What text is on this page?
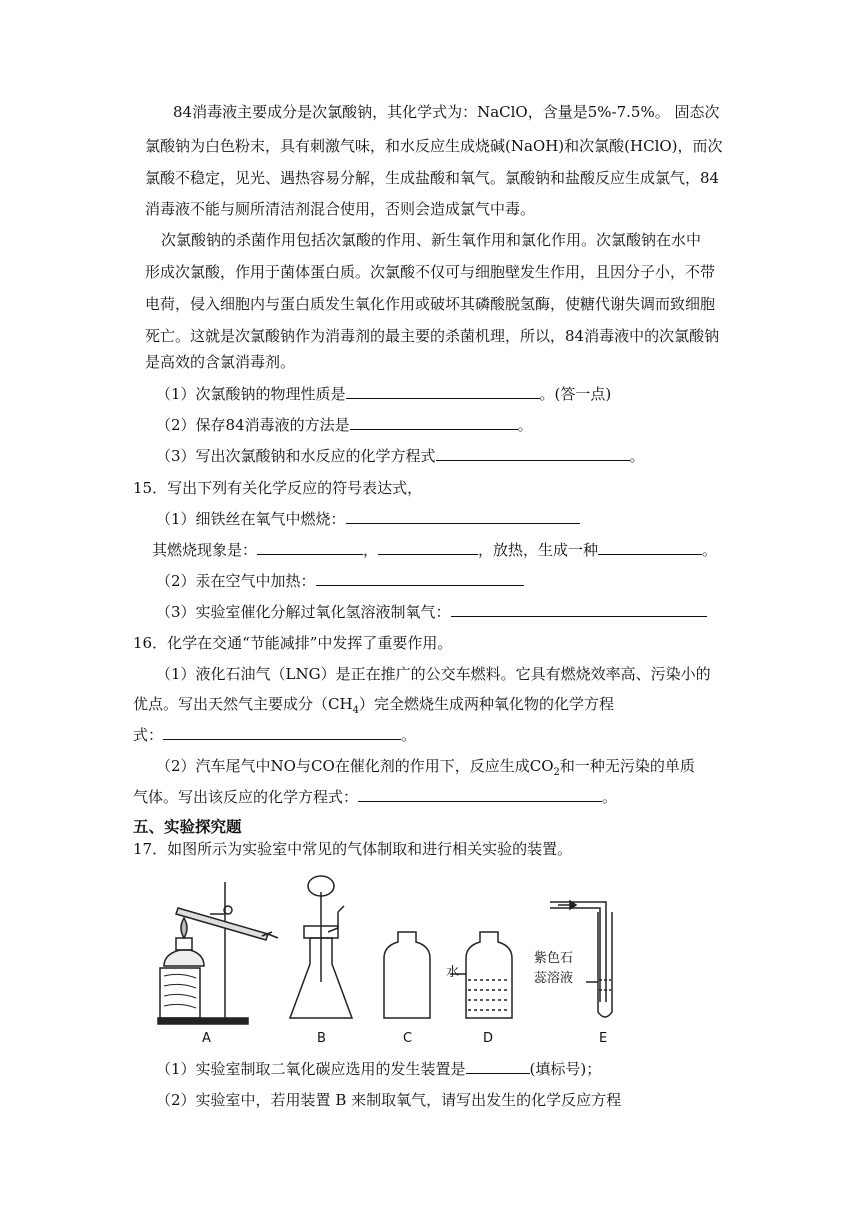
84消毒液主要成分是次氯酸钠，其化学式为：NaClO，含量是5%-7.5%。 固态次
氯酸钠为白色粉末，具有刺激气味，和水反应生成烧碱(NaOH)和次氯酸(HClO)，而次
氯酸不稳定，见光、遇热容易分解，生成盐酸和氧气。氯酸钠和盐酸反应生成氯气，84
消毒液不能与厕所清洁剂混合使用，否则会造成氯气中毒。
次氯酸钠的杀菌作用包括次氯酸的作用、新生氧作用和氯化作用。次氯酸钠在水中
形成次氯酸，作用于菌体蛋白质。次氯酸不仅可与细胞壁发生作用，且因分子小，不带
电荷，侵入细胞内与蛋白质发生氧化作用或破坏其磷酸脱氢酶，使糖代谢失调而致细胞
死亡。这就是次氯酸钠作为消毒剂的最主要的杀菌机理，所以，84消毒液中的次氯酸钠
是高效的含氯消毒剂。
（1）次氯酸钠的物理性质是	。(答一点)
（2）保存84消毒液的方法是	。
（3）写出次氯酸钠和水反应的化学方程式	。
15．写出下列有关化学反应的符号表达式，
（1）细铁丝在氧气中燃烧：
其燃烧现象是：	，	，放热，生成一种	。
（2）汞在空气中加热：
（3）实验室催化分解过氧化氢溶液制氧气：
16．化学在交通“节能减排”中发挥了重要作用。
（1）液化石油气（LNG）是正在推广的公交车燃料。它具有燃烧效率高、污染小的
优点。写出天然气主要成分$(CH_4)$完全燃烧生成两种氧化物的化学方程
式：	。
（2）汽车尾气中NO与CO在催化剂的作用下，反应生成$CO_2$和一种无污染的单质
气体。写出该反应的化学方程式：	。
五、实验探究题
17．如图所示为实验室中常见的气体制取和进行相关实验的装置。
水
紫色石
蕊溶液
A	B	C	D	E
（1）实验室制取二氧化碳应选用的发生装置是	(填标号)；
（2）实验室中，若用装置 B 来制取氧气，请写出发生的化学反应方程
